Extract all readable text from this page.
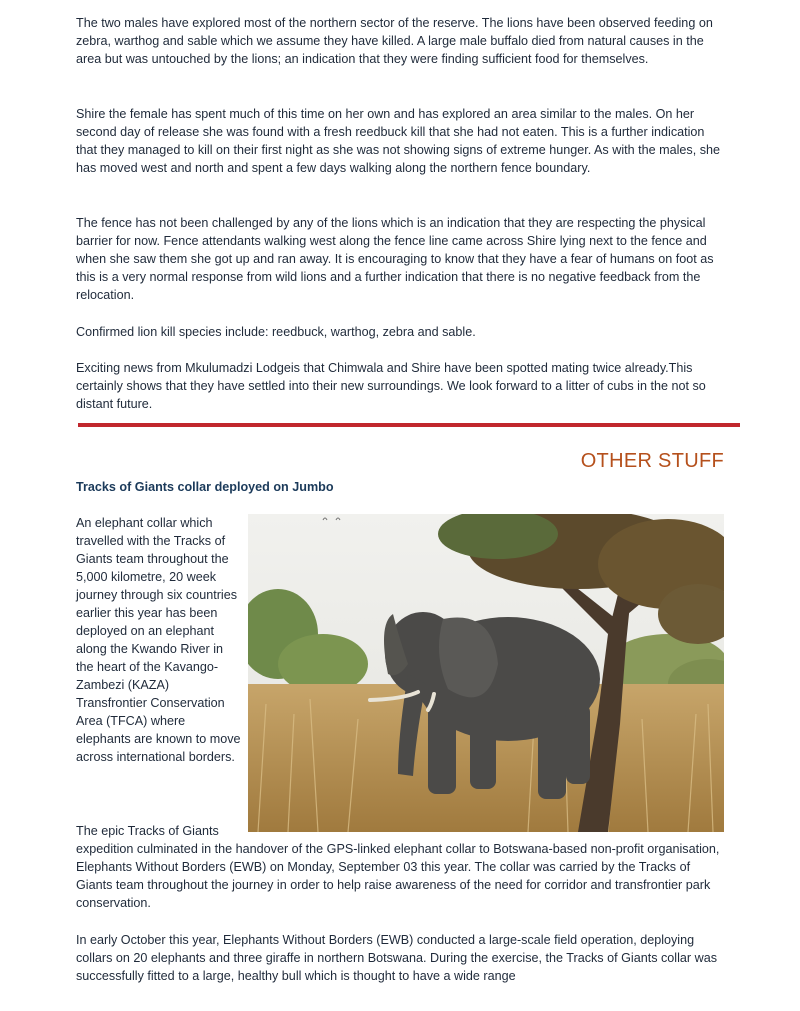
The two males have explored most of the northern sector of the reserve. The lions have been observed feeding on zebra, warthog and sable which we assume they have killed. A large male buffalo died from natural causes in the area but was untouched by the lions; an indication that they were finding sufficient food for themselves.

Shire the female has spent much of this time on her own and has explored an area similar to the males. On her second day of release she was found with a fresh reedbuck kill that she had not eaten. This is a further indication that they managed to kill on their first night as she was not showing signs of extreme hunger. As with the males, she has moved west and north and spent a few days walking along the northern fence boundary.

The fence has not been challenged by any of the lions which is an indication that they are respecting the physical barrier for now. Fence attendants walking west along the fence line came across Shire lying next to the fence and when she saw them she got up and ran away. It is encouraging to know that they have a fear of humans on foot as this is a very normal response from wild lions and a further indication that there is no negative feedback from the relocation.

Confirmed lion kill species include: reedbuck, warthog, zebra and sable.

Exciting news from Mkulumadzi Lodgeis that Chimwala and Shire have been spotted mating twice already.This certainly shows that they have settled into their new surroundings. We look forward to a litter of cubs in the not so distant future.

OTHER STUFF
Tracks of Giants collar deployed on Jumbo

An elephant collar which travelled with the Tracks of Giants team throughout the 5,000 kilometre, 20 week journey through six countries earlier this year has been deployed on an elephant along the Kwando River in the heart of the Kavango-Zambezi (KAZA) Transfrontier Conservation Area (TFCA) where elephants are known to move across international borders.

The epic Tracks of Giants

expedition culminated in the handover of the GPS-linked elephant collar to Botswana-based non-profit organisation, Elephants Without Borders (EWB) on Monday, September 03 this year. The collar was carried by the Tracks of Giants team throughout the journey in order to help raise awareness of the need for corridor and transfrontier park conservation.

In early October this year, Elephants Without Borders (EWB) conducted a large-scale field operation, deploying collars on 20 elephants and three giraffe in northern Botswana. During the exercise, the Tracks of Giants collar was successfully fitted to a large, healthy bull which is thought to have a wide range
